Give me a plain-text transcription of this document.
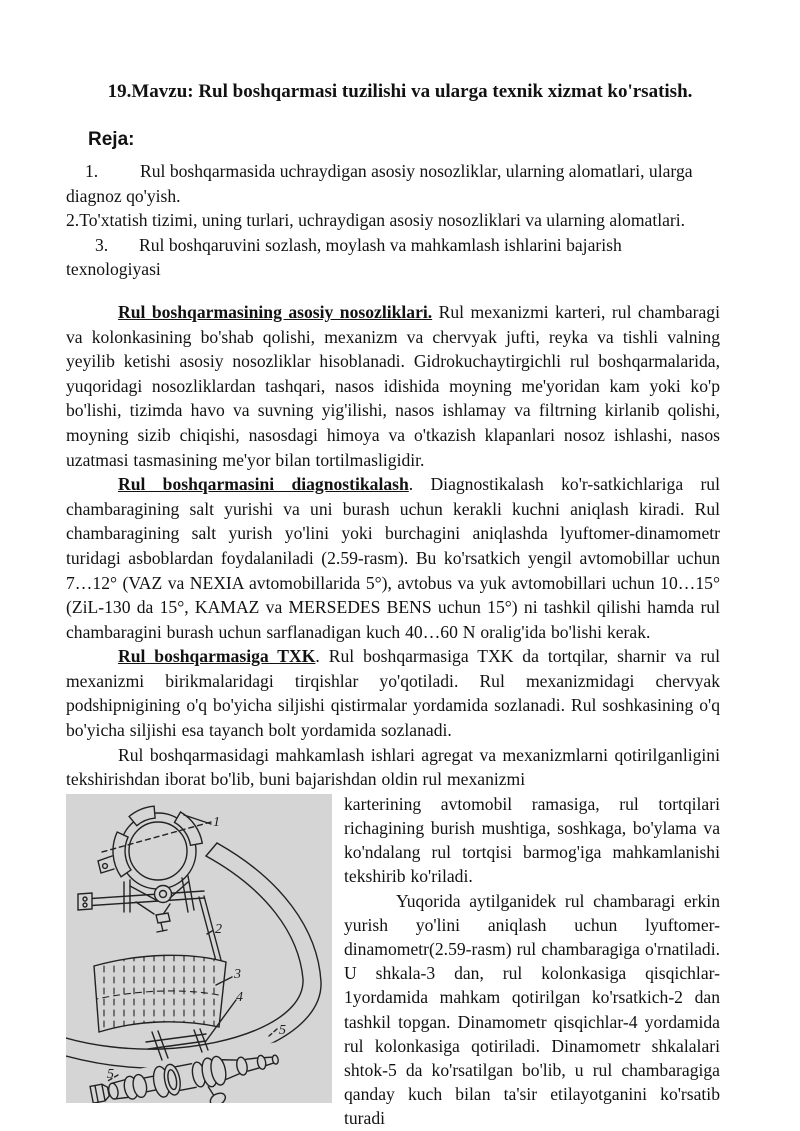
19.Mavzu: Rul boshqarmasi tuzilishi va ularga texnik xizmat ko'rsatish.
Reja:

1. Rul boshqarmasida uchraydigan asosiy nosozliklar, ularning alomatlari, ularga diagnoz qo'yish.

2.To'xtatish tizimi, uning turlari, uchraydigan asosiy nosozliklari va ularning alomatlari.

3. Rul boshqaruvini sozlash, moylash va mahkamlash ishlarini bajarish texnologiyasi

Rul boshqarmasining asosiy nosozliklari. Rul mexanizmi karteri, rul chambaragi va kolonkasining bo'shab qolishi, mexanizm va chervyak jufti, reyka va tishli valning yeyilib ketishi asosiy nosozliklar hisoblanadi. Gidrokuchaytirgichli rul boshqarmalarida, yuqoridagi nosozliklardan tashqari, nasos idishida moyning me'yoridan kam yoki ko'p bo'lishi, tizimda havo va suvning yig'ilishi, nasos ishlamay va filtrning kirlanib qolishi, moyning sizib chiqishi, nasosdagi himoya va o'tkazish klapanlari nosoz ishlashi, nasos uzatmasi tasmasining me'yor bilan tortilmasligidir.

Rul boshqarmasini diagnostikalash. Diagnostikalash ko'r-satkichlariga rul chambaragining salt yurishi va uni burash uchun kerakli kuchni aniqlash kiradi. Rul chambaragining salt yurish yo'lini yoki burchagini aniqlashda lyuftomer-dinamometr turidagi asboblardan foydalaniladi (2.59-rasm). Bu ko'rsatkich yengil avtomobillar uchun 7…12° (VAZ va NEXIA avtomobillarida 5°), avtobus va yuk avtomobillari uchun 10…15° (ZiL-130 da 15°, KAMAZ va MERSEDES BENS uchun 15°) ni tashkil qilishi hamda rul chambaragini burash uchun sarflanadigan kuch 40…60 N oralig'ida bo'lishi kerak.

Rul boshqarmasiga TXK. Rul boshqarmasiga TXK da tortqilar, sharnir va rul mexanizmi birikmalaridagi tirqishlar yo'qotiladi. Rul mexanizmidagi chervyak podshipnigining o'q bo'yicha siljishi qistirmalar yordamida sozlanadi. Rul soshkasining o'q bo'yicha siljishi esa tayanch bolt yordamida sozlanadi.

Rul boshqarmasidagi mahkamlash ishlari agregat va mexanizmlarni qotirilganligini tekshirishdan iborat bo'lib, buni bajarishdan oldin rul mexanizmi

1
2
3
4
5
5

karterining avtomobil ramasiga, rul tortqilari richagining burish mushtiga, soshkaga, bo'ylama va ko'ndalang rul tortqisi barmog'iga mahkamlanishi tekshirib ko'riladi.

Yuqorida aytilganidek rul chambaragi erkin yurish yo'lini aniqlash uchun lyuftomer-dinamometr(2.59-rasm) rul chambaragiga o'rnatiladi. U shkala-3 dan, rul kolonkasiga qisqichlar-1yordamida mahkam qotirilgan ko'rsatkich-2 dan tashkil topgan. Dinamometr qisqichlar-4 yordamida rul kolonkasiga qotiriladi. Dinamometr shkalalari shtok-5 da ko'rsatilgan bo'lib, u rul chambaragiga qanday kuch bilan ta'sir etilayotganini ko'rsatib turadi
